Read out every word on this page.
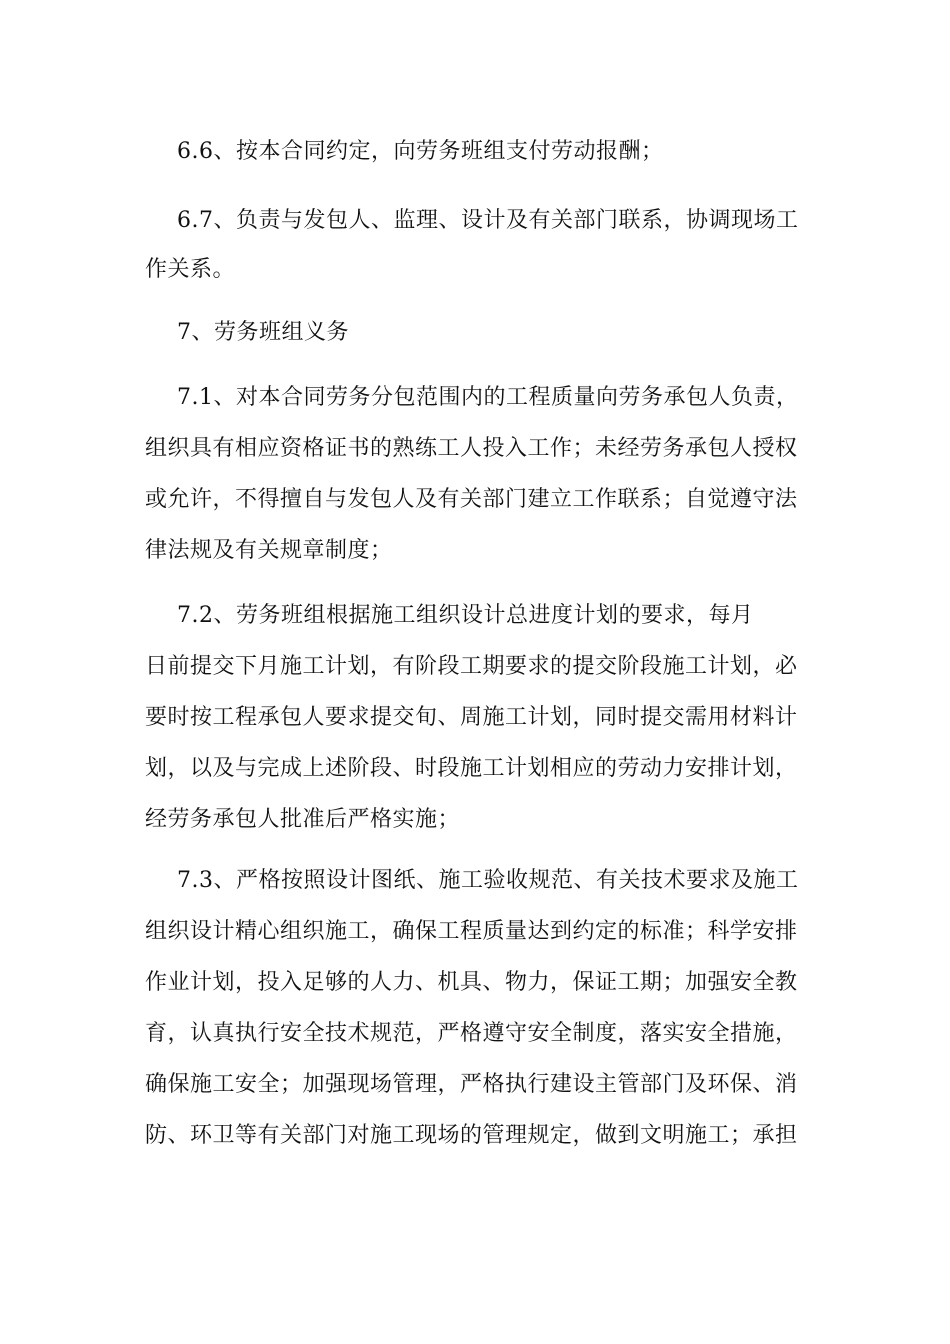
6.6、按本合同约定，向劳务班组支付劳动报酬；
6.7、负责与发包人、监理、设计及有关部门联系，协调现场工
作关系。
7、劳务班组义务
7.1、对本合同劳务分包范围内的工程质量向劳务承包人负责，
组织具有相应资格证书的熟练工人投入工作；未经劳务承包人授权
或允许，不得擅自与发包人及有关部门建立工作联系；自觉遵守法
律法规及有关规章制度；
7.2、劳务班组根据施工组织设计总进度计划的要求，每月
日前提交下月施工计划，有阶段工期要求的提交阶段施工计划，必
要时按工程承包人要求提交旬、周施工计划，同时提交需用材料计
划，以及与完成上述阶段、时段施工计划相应的劳动力安排计划，
经劳务承包人批准后严格实施；
7.3、严格按照设计图纸、施工验收规范、有关技术要求及施工
组织设计精心组织施工，确保工程质量达到约定的标准；科学安排
作业计划，投入足够的人力、机具、物力，保证工期；加强安全教
育，认真执行安全技术规范，严格遵守安全制度，落实安全措施，
确保施工安全；加强现场管理，严格执行建设主管部门及环保、消
防、环卫等有关部门对施工现场的管理规定，做到文明施工；承担
